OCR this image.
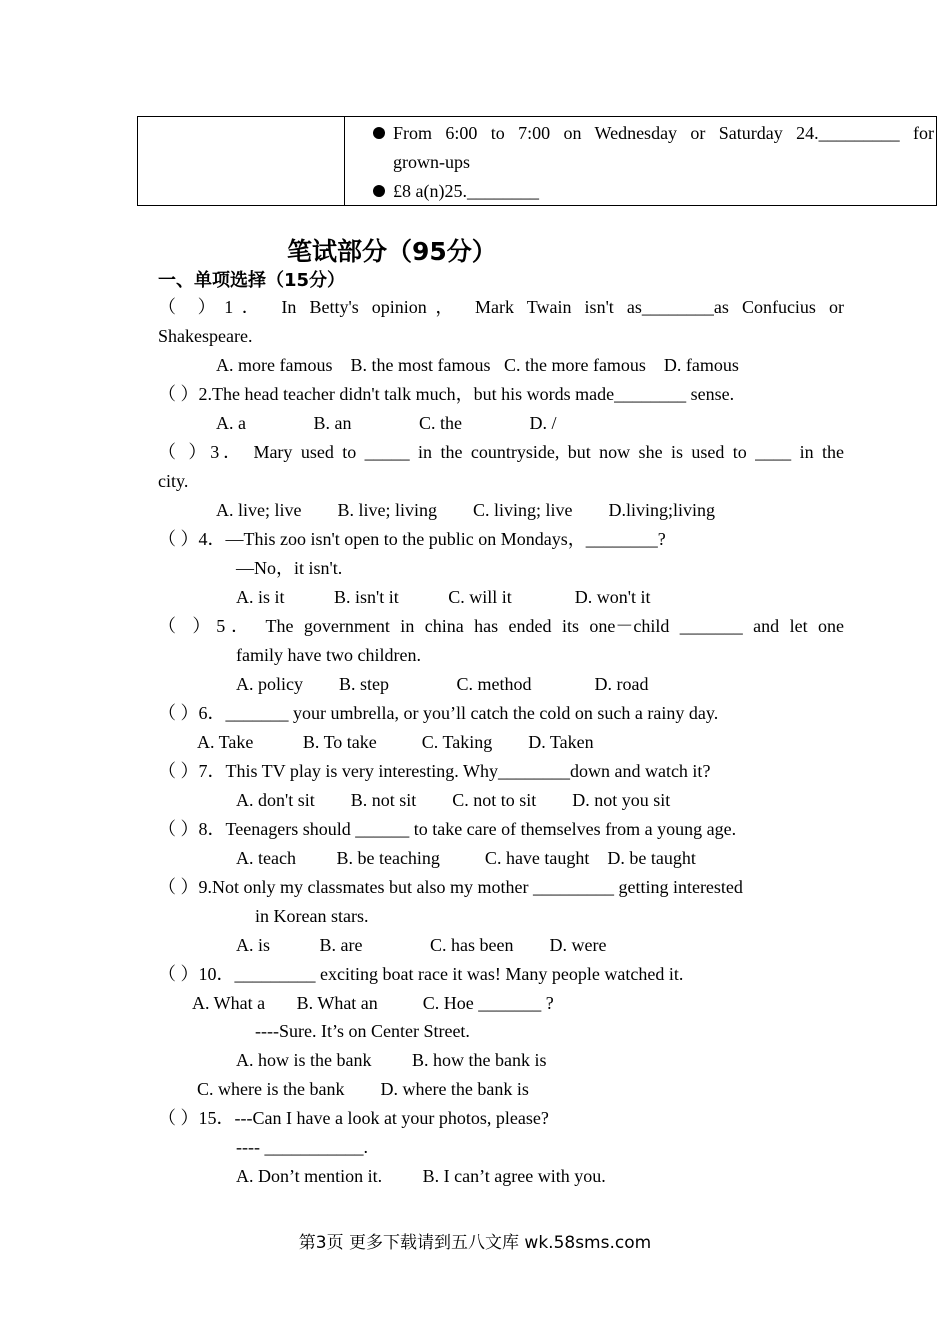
From 6:00 to 7:00 on Wednesday or Saturday 24._________ for
grown-ups
£8 a(n)25.________
笔试部分（95分）
一、单项选择（15分）
（ ）1． In Betty's opinion， Mark Twain isn't as________as Confucius or
Shakespeare.
A. more famous    B. the most famous   C. the more famous    D. famous
（ ）2.The head teacher didn't talk much，but his words made________ sense.
A. a               B. an               C. the               D. /
（ ）3． Mary used to _____ in the countryside, but now she is used to ____ in the
city.
A. live; live        B. live; living        C. living; live        D.living;living
（ ）4．—This zoo isn't open to the public on Mondays，________?
—No，it isn't.
A. is it           B. isn't it           C. will it              D. won't it
（ ）5． The government in china has ended its one－child _______ and let one
family have two children.
A. policy        B. step               C. method              D. road
（ ）6．_______ your umbrella, or you’ll catch the cold on such a rainy day.
A. Take           B. To take          C. Taking        D. Taken
（ ）7．This TV play is very interesting. Why________down and watch it?
A. don't sit        B. not sit        C. not to sit        D. not you sit
（ ）8．Teenagers should ______ to take care of themselves from a young age.
A. teach         B. be teaching          C. have taught    D. be taught
（ ）9.Not only my classmates but also my mother _________ getting interested
in Korean stars.
A. is           B. are               C. has been        D. were
（ ）10．_________ exciting boat race it was! Many people watched it.
A. What a       B. What an          C. Hoe _______ ?
----Sure. It’s on Center Street.
A. how is the bank         B. how the bank is
C. where is the bank        D. where the bank is
（ ）15．---Can I have a look at your photos, please?
---- ___________.
A. Don’t mention it.         B. I can’t agree with you.
第3页 更多下载请到五八文库 wk.58sms.com
